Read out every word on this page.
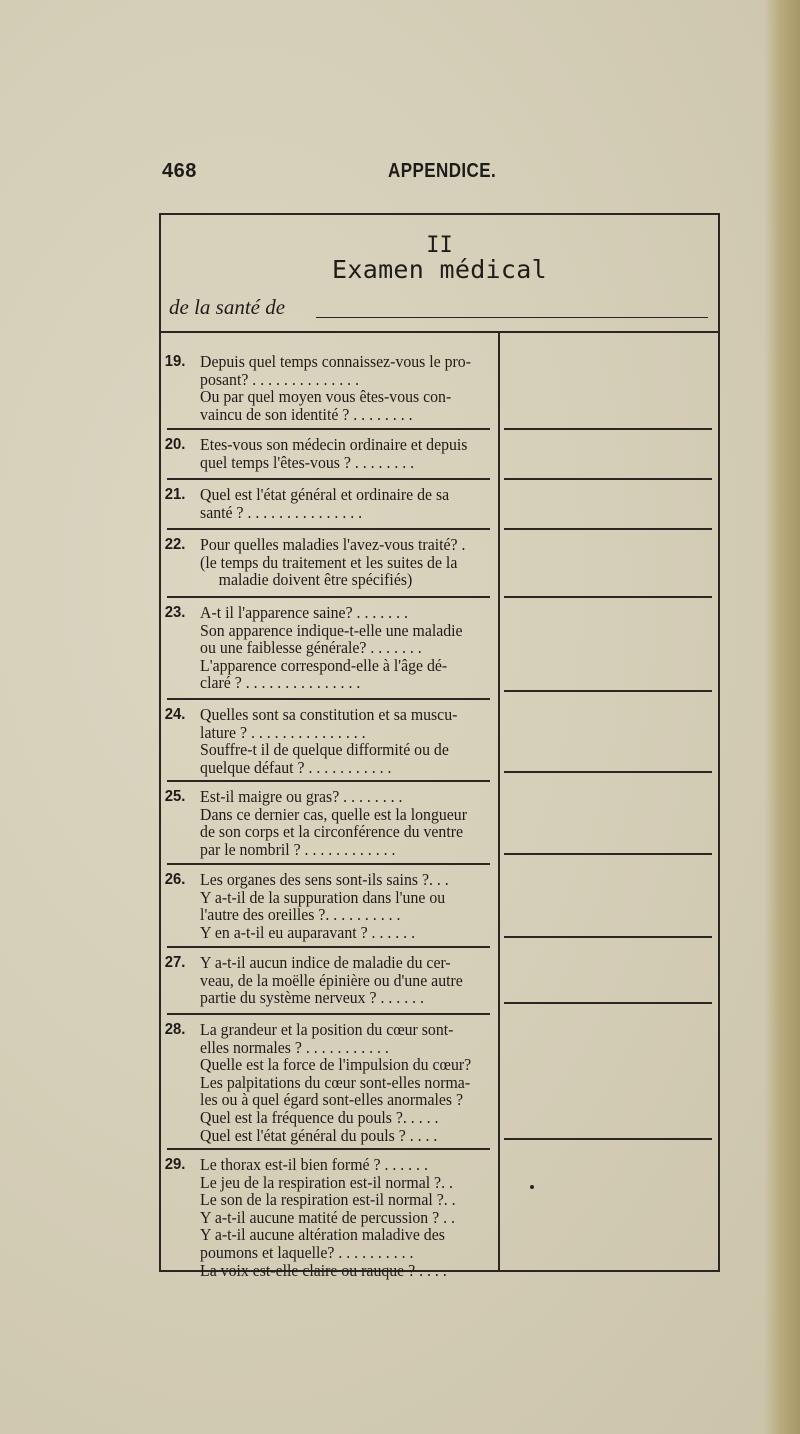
468	APPENDICE.
II
Examen médical
de la santé de
19. Depuis quel temps connaissez-vous le pro-
posant? . . . . . . . . . . . . . .
Ou par quel moyen vous êtes-vous con-
vaincu de son identité ? . . . . . . . .
20. Etes-vous son médecin ordinaire et depuis
quel temps l'êtes-vous ? . . . . . . . .
21. Quel est l'état général et ordinaire de sa
santé ? . . . . . . . . . . . . . . .
22. Pour quelles maladies l'avez-vous traité? .
(le temps du traitement et les suites de la
maladie doivent être spécifiés)
23. A-t il l'apparence saine? . . . . . . .
Son apparence indique-t-elle une maladie
ou une faiblesse générale? . . . . . . .
L'apparence correspond-elle à l'âge dé-
claré ? . . . . . . . . . . . . . . .
24. Quelles sont sa constitution et sa muscu-
lature ? . . . . . . . . . . . . . . .
Souffre-t il de quelque difformité ou de
quelque défaut ? . . . . . . . . . . .
25. Est-il maigre ou gras? . . . . . . . .
Dans ce dernier cas, quelle est la longueur
de son corps et la circonférence du ventre
par le nombril ? . . . . . . . . . . . .
26. Les organes des sens sont-ils sains ?. . .
Y a-t-il de la suppuration dans l'une ou
l'autre des oreilles ?. . . . . . . . . .
Y en a-t-il eu auparavant ? . . . . . .
27. Y a-t-il aucun indice de maladie du cer-
veau, de la moëlle épinière ou d'une autre
partie du système nerveux ? . . . . . .
28. La grandeur et la position du cœur sont-
elles normales ? . . . . . . . . . . .
Quelle est la force de l'impulsion du cœur?
Les palpitations du cœur sont-elles norma-
les ou à quel égard sont-elles anormales ?
Quel est la fréquence du pouls ?. . . . .
Quel est l'état général du pouls ? . . . .
29. Le thorax est-il bien formé ? . . . . . .
Le jeu de la respiration est-il normal ?. .
Le son de la respiration est-il normal ?. .
Y a-t-il aucune matité de percussion ? . .
Y a-t-il aucune altération maladive des
poumons et laquelle? . . . . . . . . . .
La voix est-elle claire ou rauque ? . . . .
